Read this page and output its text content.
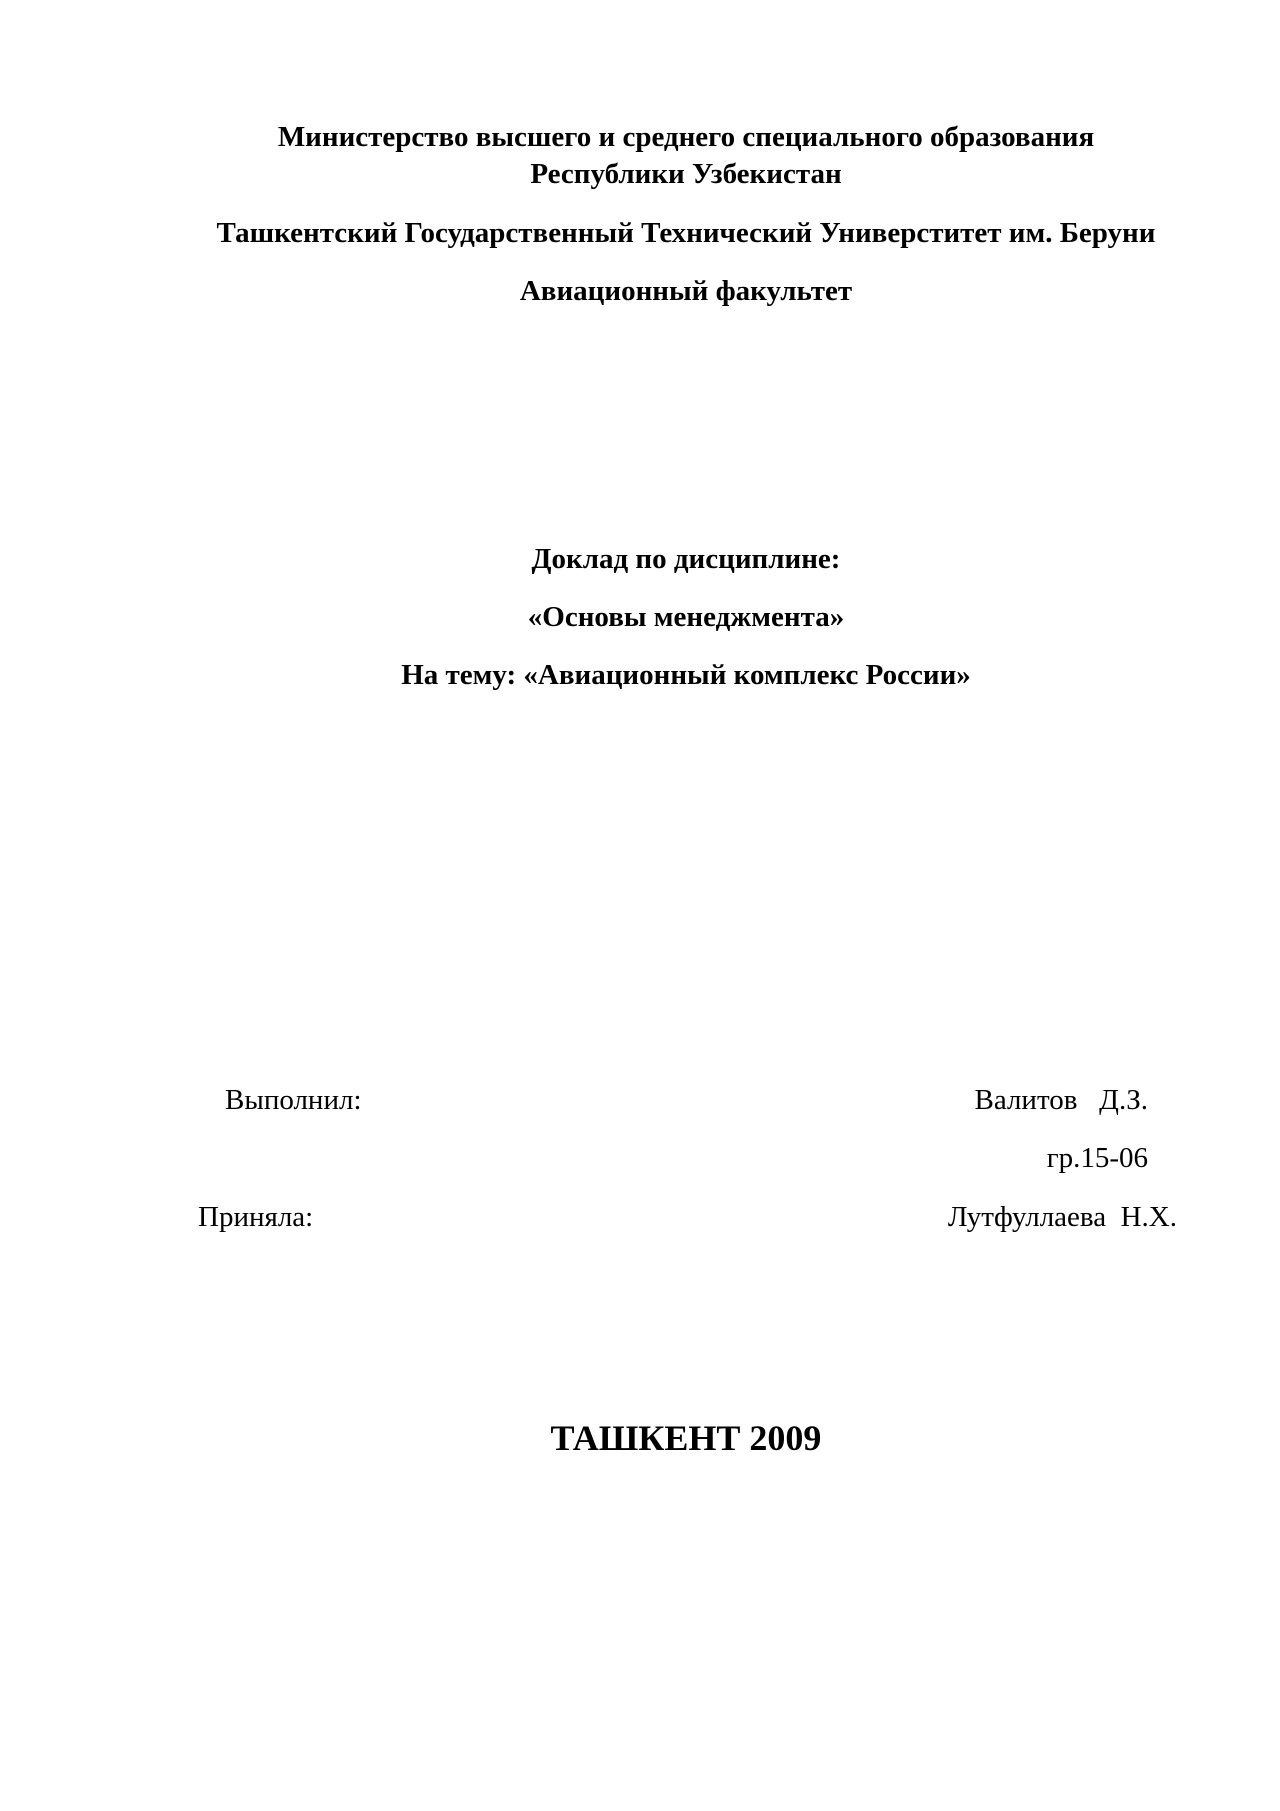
Министерство высшего и среднего специального образования
Республики Узбекистан
Ташкентский Государственный Технический Универститет им. Беруни
Авиационный факультет
Доклад по дисциплине:
«Основы менеджмента»
На тему: «Авиационный комплекс России»
Выполнил:	Валитов   Д.З.
гр.15-06
Приняла:	Лутфуллаева  Н.Х.
ТАШКЕНТ 2009
